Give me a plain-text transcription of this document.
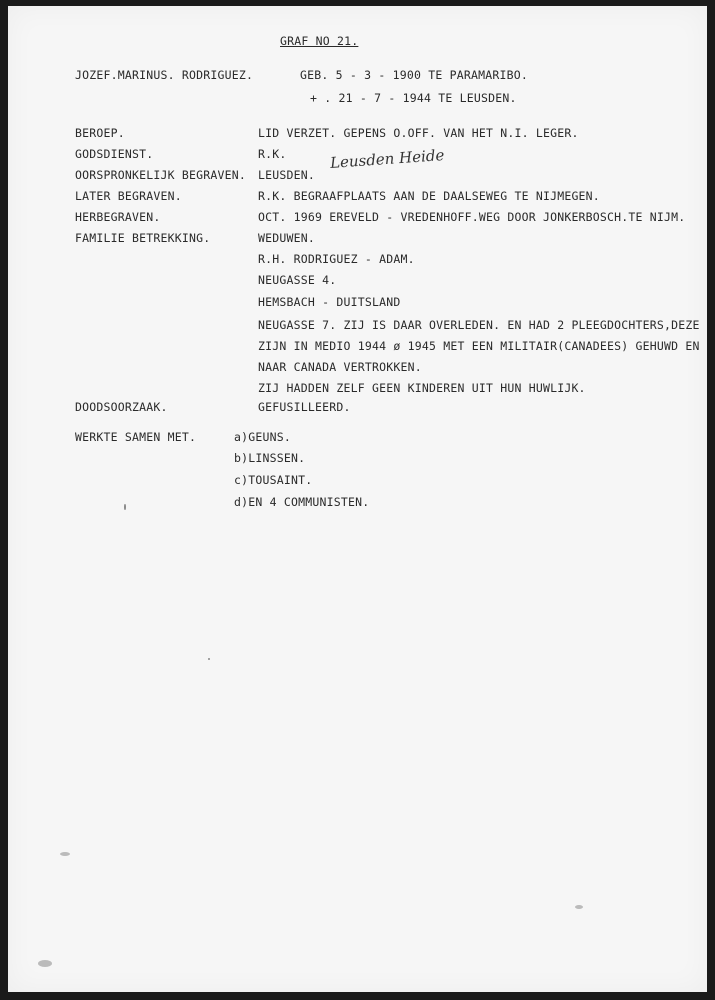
GRAF NO 21.
JOZEF.MARINUS. RODRIGUEZ.	GEB. 5 - 3 - 1900 TE PARAMARIBO.
+ . 21 - 7 - 1944 TE LEUSDEN.
BEROEP.	LID VERZET. GEPENS O.OFF. VAN HET N.I. LEGER.
GODSDIENST.	R.K.
OORSPRONKELIJK BEGRAVEN. LEUSDEN.
Leusden Heide
LATER BEGRAVEN.	R.K. BEGRAAFPLAATS AAN DE DAALSEWEG TE NIJMEGEN.
HERBEGRAVEN.	OCT. 1969 EREVELD - VREDENHOFF.WEG DOOR JONKERBOSCH.TE NIJM.
FAMILIE BETREKKING.	WEDUWEN.
R.H. RODRIGUEZ - ADAM.
NEUGASSE 4.
HEMSBACH - DUITSLAND
NEUGASSE 7. ZIJ IS DAAR OVERLEDEN. EN HAD 2 PLEEGDOCHTERS,DEZE
ZIJN IN MEDIO 1944 ø 1945 MET EEN MILITAIR(CANADEES) GEHUWD EN
NAAR CANADA VERTROKKEN.
ZIJ HADDEN ZELF GEEN KINDEREN UIT HUN HUWLIJK.
DOODSOORZAAK.	GEFUSILLEERD.
WERKTE SAMEN MET.	a)GEUNS.
b)LINSSEN.
c)TOUSAINT.
d)EN 4 COMMUNISTEN.
